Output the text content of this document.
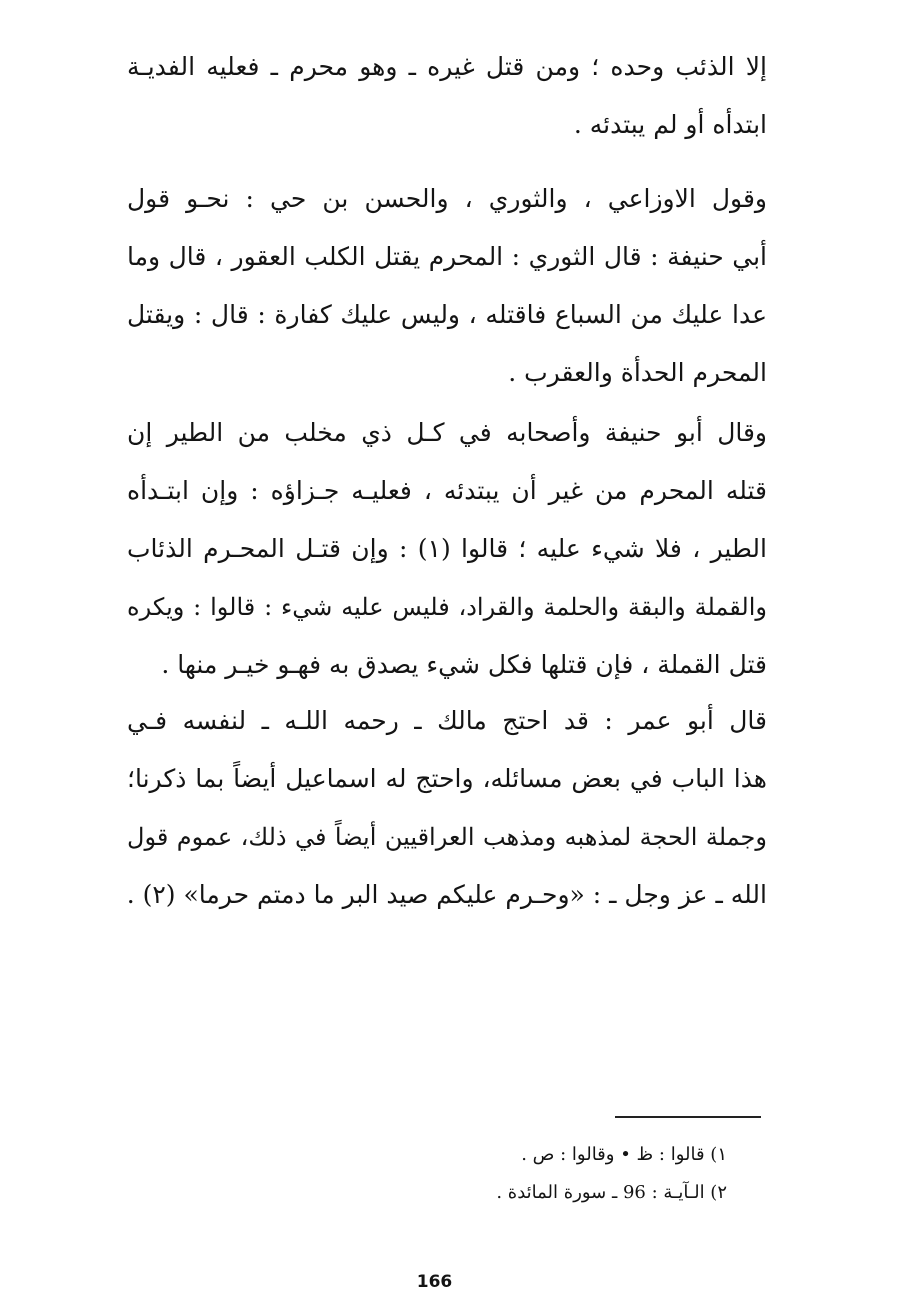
إلا الذئب وحده ؛ ومن قتل غيره ـ وهو محرم ـ فعليه الفديـة
ابتدأه أو لم يبتدئه .
وقول الاوزاعي ، والثوري ، والحسن بن حي : نحـو قول
أبي حنيفة : قال الثوري : المحرم يقتل الكلب العقور ، قال وما
عدا عليك من السباع فاقتله ، وليس عليك كفارة : قال : ويقتل
المحرم الحدأة والعقرب .
وقال أبو حنيفة وأصحابه في كـل ذي مخلب من الطير إن
قتله المحرم من غير أن يبتدئه ، فعليـه جـزاؤه : وإن ابتـدأه
الطير ، فلا شيء عليه ؛ قالوا (١) : وإن قتـل المحـرم الذئاب
والقملة والبقة والحلمة والقراد، فليس عليه شيء : قالوا : ويكره
قتل القملة ، فإن قتلها فكل شيء يصدق به فهـو خيـر منها .
قال أبو عمر : قد احتج مالك ـ رحمه اللـه ـ لنفسه فـي
هذا الباب في بعض مسائله، واحتج له اسماعيل أيضاً بما ذكرنا؛
وجملة الحجة لمذهبه ومذهب العراقيين أيضاً في ذلك، عموم قول
الله ـ عز وجل ـ : «وحـرم عليكم صيد البر ما دمتم حرما» (٢) .
١) قالوا : ظ • وقالوا : ص .
٢) الـآيـة : 96 ـ سورة المائدة .
166
